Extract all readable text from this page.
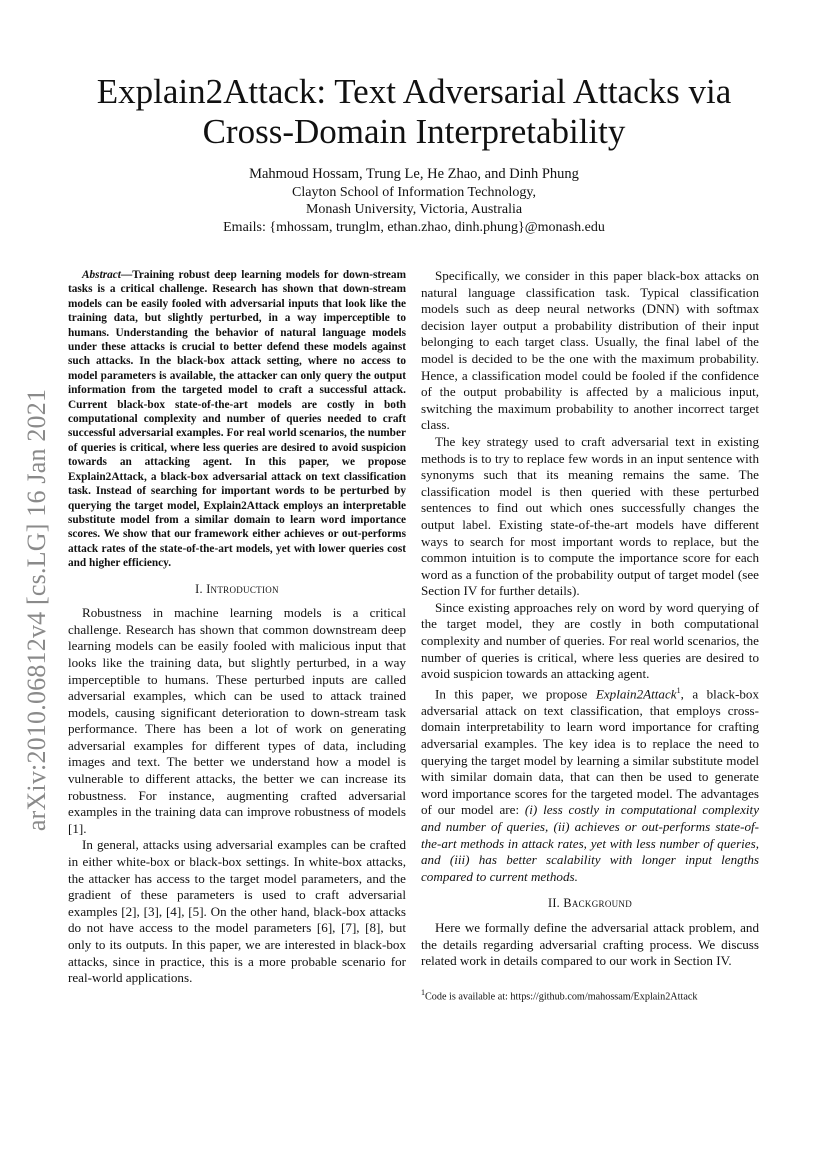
arXiv:2010.06812v4 [cs.LG] 16 Jan 2021
Explain2Attack: Text Adversarial Attacks via
Cross-Domain Interpretability
Mahmoud Hossam, Trung Le, He Zhao, and Dinh Phung
Clayton School of Information Technology,
Monash University, Victoria, Australia
Emails: {mhossam, trunglm, ethan.zhao, dinh.phung}@monash.edu

Abstract—Training robust deep learning models for down-stream tasks is a critical challenge. Research has shown that down-stream models can be easily fooled with adversarial inputs that look like the training data, but slightly perturbed, in a way imperceptible to humans. Understanding the behavior of natural language models under these attacks is crucial to better defend these models against such attacks. In the black-box attack setting, where no access to model parameters is available, the attacker can only query the output information from the targeted model to craft a successful attack. Current black-box state-of-the-art models are costly in both computational complexity and number of queries needed to craft successful adversarial examples. For real world scenarios, the number of queries is critical, where less queries are desired to avoid suspicion towards an attacking agent. In this paper, we propose Explain2Attack, a black-box adversarial attack on text classification task. Instead of searching for important words to be perturbed by querying the target model, Explain2Attack employs an interpretable substitute model from a similar domain to learn word importance scores. We show that our framework either achieves or out-performs attack rates of the state-of-the-art models, yet with lower queries cost and higher efficiency.

I. Introduction

Robustness in machine learning models is a critical challenge. Research has shown that common downstream deep learning models can be easily fooled with malicious input that looks like the training data, but slightly perturbed, in a way imperceptible to humans. These perturbed inputs are called adversarial examples, which can be used to attack trained models, causing significant deterioration to down-stream task performance. There has been a lot of work on generating adversarial examples for different types of data, including images and text. The better we understand how a model is vulnerable to different attacks, the better we can increase its robustness. For instance, augmenting crafted adversarial examples in the training data can improve robustness of models [1].

In general, attacks using adversarial examples can be crafted in either white-box or black-box settings. In white-box attacks, the attacker has access to the target model parameters, and the gradient of these parameters is used to craft adversarial examples [2], [3], [4], [5]. On the other hand, black-box attacks do not have access to the model parameters [6], [7], [8], but only to its outputs. In this paper, we are interested in black-box attacks, since in practice, this is a more probable scenario for real-world applications.

Specifically, we consider in this paper black-box attacks on natural language classification task. Typical classification models such as deep neural networks (DNN) with softmax decision layer output a probability distribution of their input belonging to each target class. Usually, the final label of the model is decided to be the one with the maximum probability. Hence, a classification model could be fooled if the confidence of the output probability is affected by a malicious input, switching the maximum probability to another incorrect target class.

The key strategy used to craft adversarial text in existing methods is to try to replace few words in an input sentence with synonyms such that its meaning remains the same. The classification model is then queried with these perturbed sentences to find out which ones successfully changes the output label. Existing state-of-the-art models have different ways to search for most important words to replace, but the common intuition is to compute the importance score for each word as a function of the probability output of target model (see Section IV for further details).

Since existing approaches rely on word by word querying of the target model, they are costly in both computational complexity and number of queries. For real world scenarios, the number of queries is critical, where less queries are desired to avoid suspicion towards an attacking agent.

In this paper, we propose Explain2Attack$^1$, a black-box adversarial attack on text classification, that employs cross-domain interpretability to learn word importance for crafting adversarial examples. The key idea is to replace the need to querying the target model by learning a similar substitute model with similar domain data, that can then be used to generate word importance scores for the targeted model. The advantages of our model are: (i) less costly in computational complexity and number of queries, (ii) achieves or out-performs state-of-the-art methods in attack rates, yet with less number of queries, and (iii) has better scalability with longer input lengths compared to current methods.

II. Background

Here we formally define the adversarial attack problem, and the details regarding adversarial crafting process. We discuss related work in details compared to our work in Section IV.

$^1$Code is available at: https://github.com/mahossam/Explain2Attack
